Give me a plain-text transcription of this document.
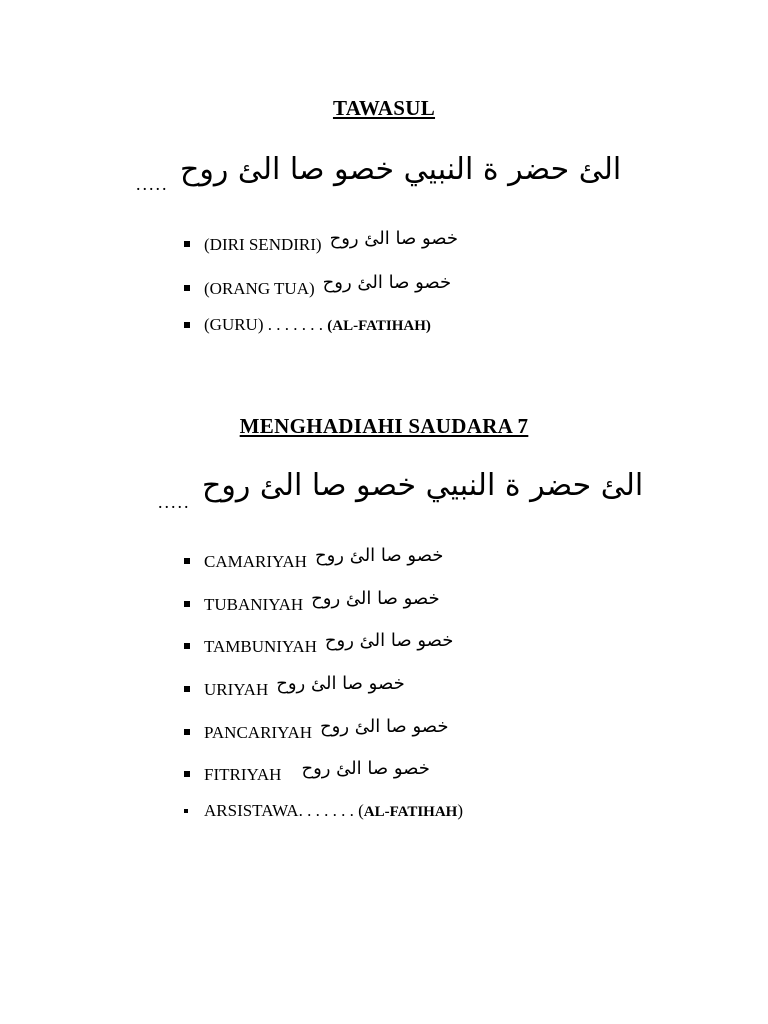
TAWASUL
..... الئ حضر ة النبيي خصو صا الئ روح
(DIRI SENDIRI) خصو صا الئ روح
(ORANG TUA) خصو صا الئ روح
(GURU) . . . . . . . (AL-FATIHAH)
MENGHADIAHI SAUDARA 7
..... الئ حضر ة النبيي خصو صا الئ روح
CAMARIYAH خصو صا الئ روح
TUBANIYAH خصو صا الئ روح
TAMBUNIYAH خصو صا الئ روح
URIYAH خصو صا الئ روح
PANCARIYAH خصو صا الئ روح
FITRIYAH خصو صا الئ روح
ARSISTAWA. . . . . . . (AL-FATIHAH)
